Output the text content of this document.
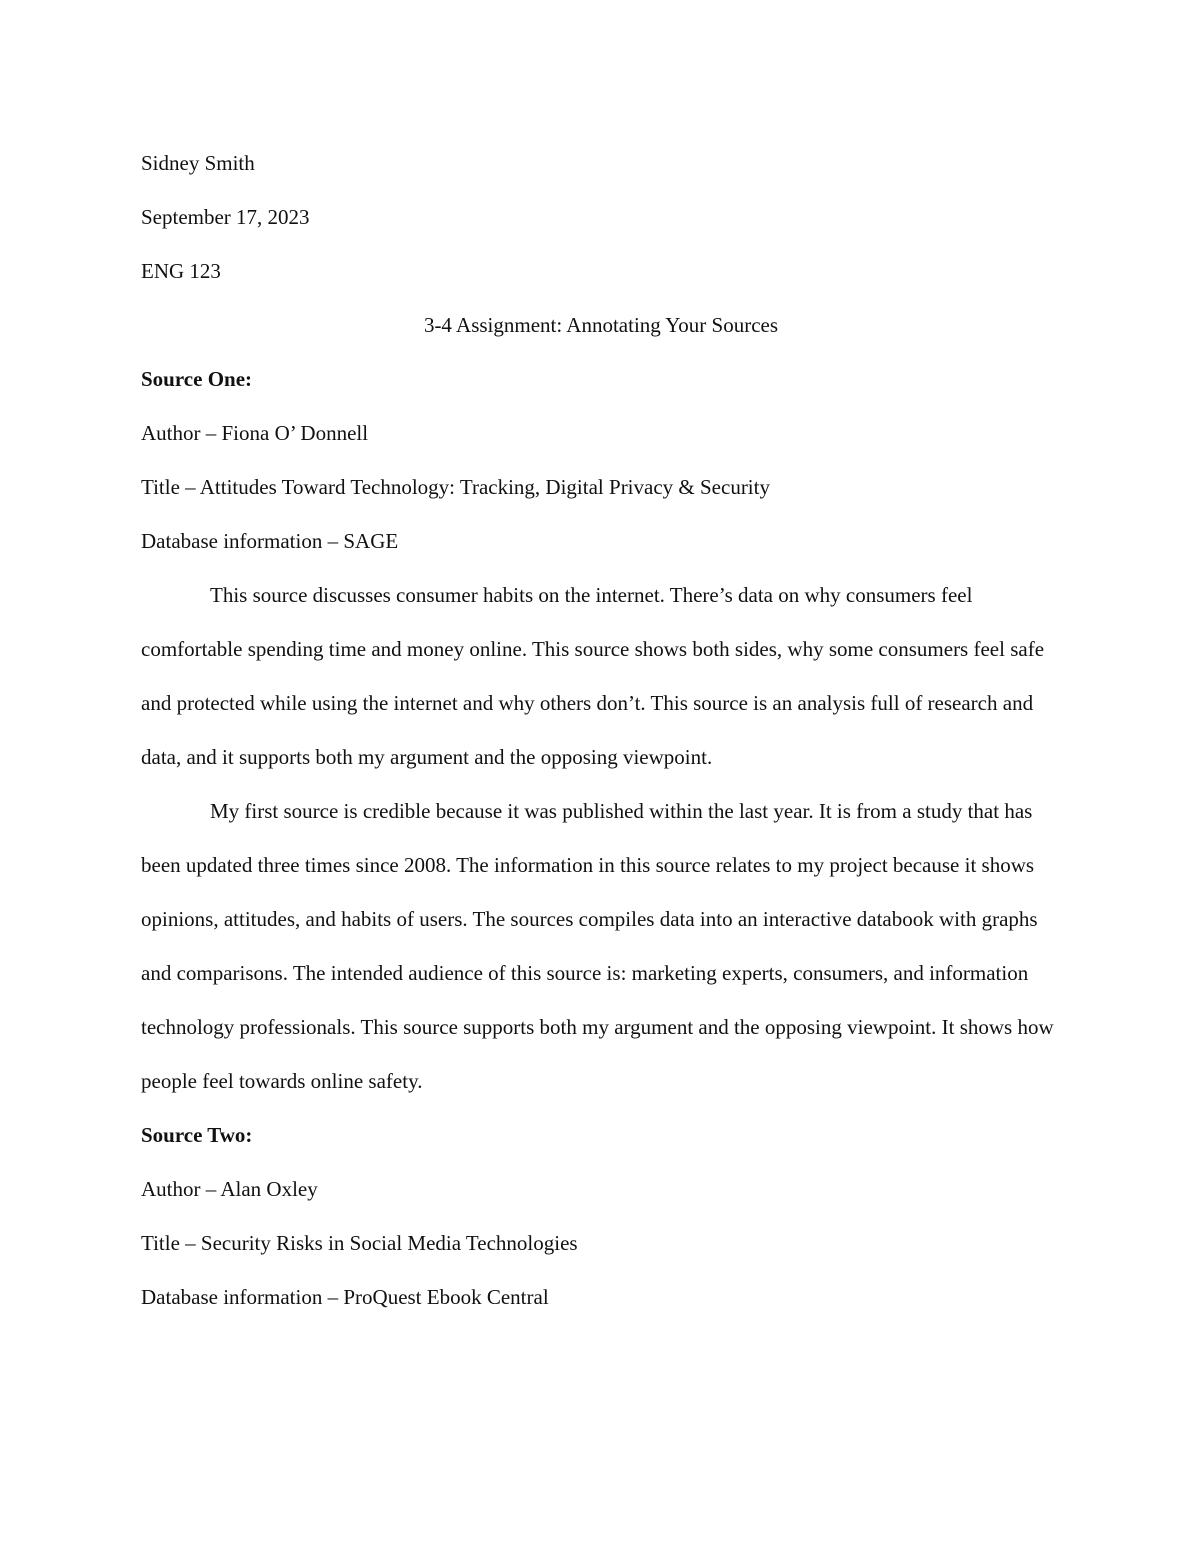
Sidney Smith

September 17, 2023

ENG 123

3-4 Assignment: Annotating Your Sources

Source One:

Author – Fiona O’ Donnell

Title – Attitudes Toward Technology: Tracking, Digital Privacy & Security

Database information – SAGE

This source discusses consumer habits on the internet. There’s data on why consumers feel comfortable spending time and money online. This source shows both sides, why some consumers feel safe and protected while using the internet and why others don’t. This source is an analysis full of research and data, and it supports both my argument and the opposing viewpoint.

My first source is credible because it was published within the last year. It is from a study that has been updated three times since 2008. The information in this source relates to my project because it shows opinions, attitudes, and habits of users. The sources compiles data into an interactive databook with graphs and comparisons. The intended audience of this source is: marketing experts, consumers, and information technology professionals. This source supports both my argument and the opposing viewpoint. It shows how people feel towards online safety.

Source Two:

Author – Alan Oxley

Title – Security Risks in Social Media Technologies

Database information – ProQuest Ebook Central
